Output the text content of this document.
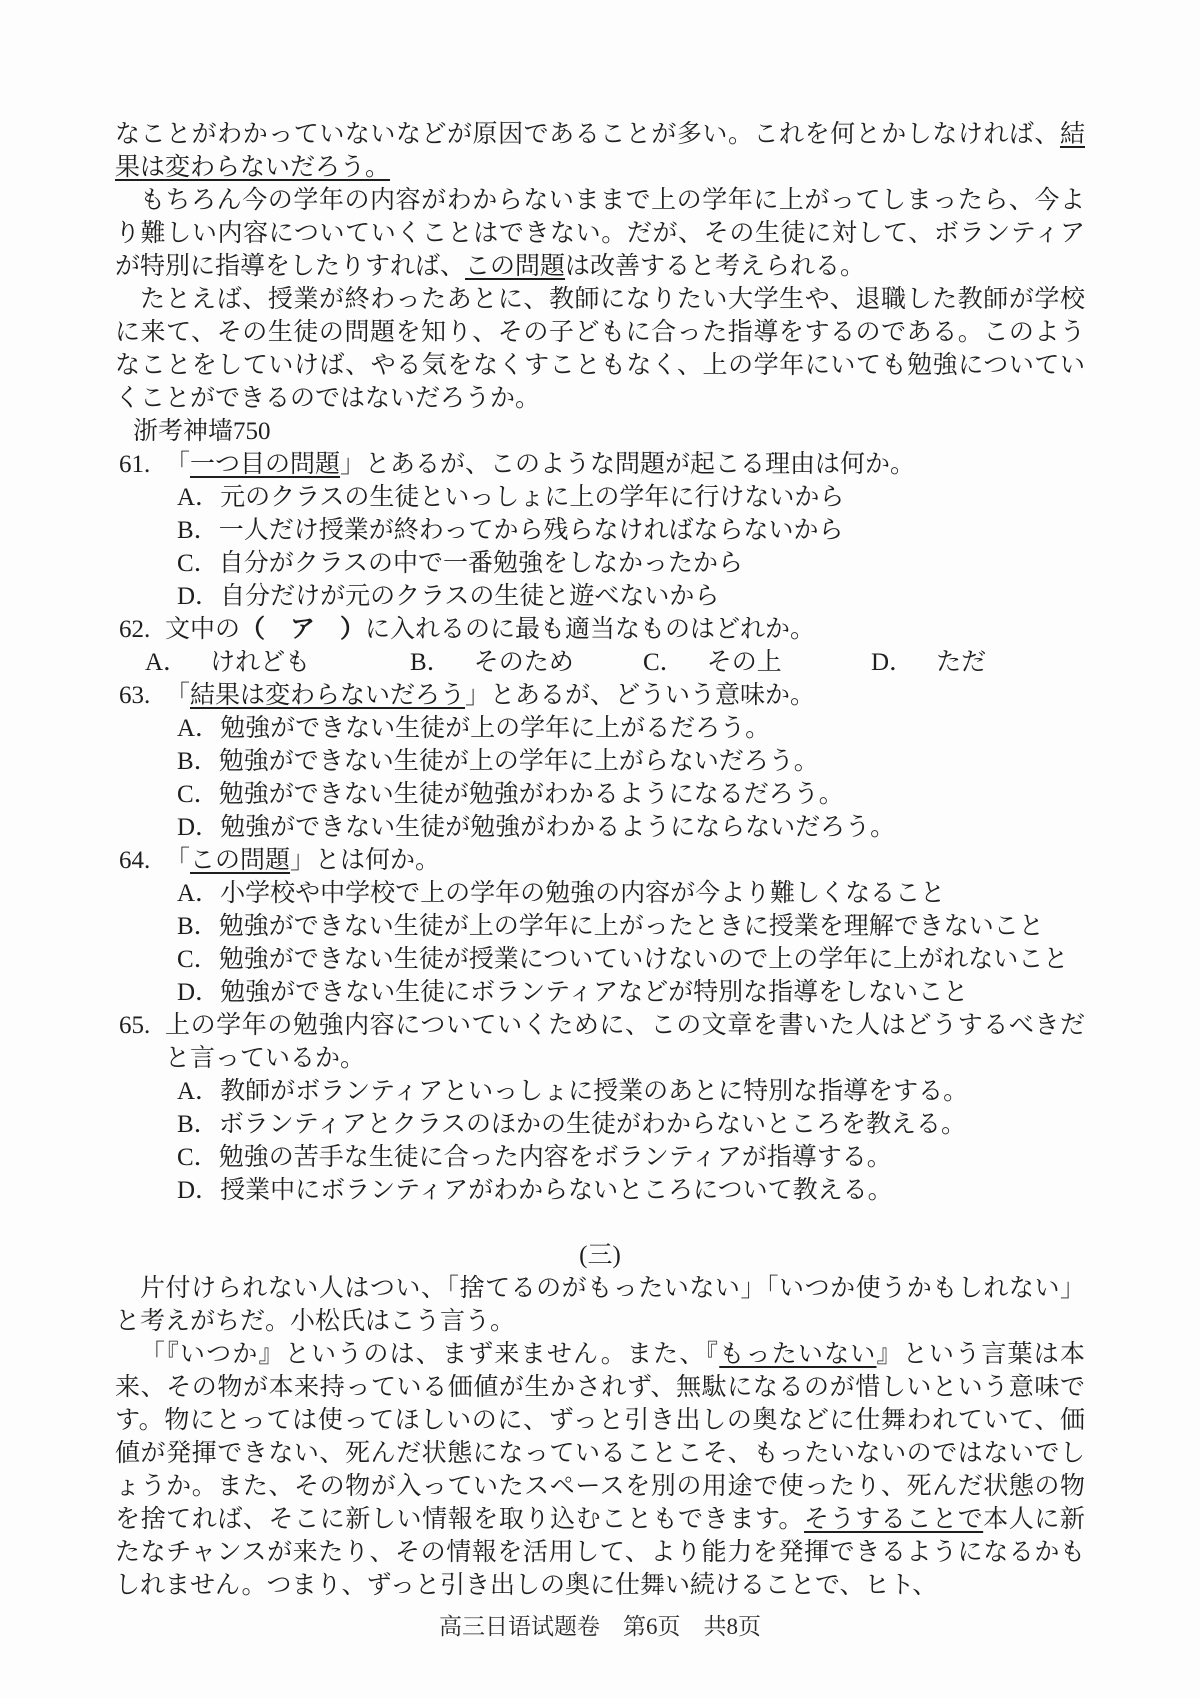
なことがわかっていないなどが原因であることが多い。これを何とかしなければ、結果は変わらないだろう。

もちろん今の学年の内容がわからないままで上の学年に上がってしまったら、今より難しい内容についていくことはできない。だが、その生徒に対して、ボランティアが特別に指導をしたりすれば、この問題は改善すると考えられる。

たとえば、授業が終わったあとに、教師になりたい大学生や、退職した教師が学校に来て、その生徒の問題を知り、その子どもに合った指導をするのである。このようなことをしていけば、やる気をなくすこともなく、上の学年にいても勉強についていくことができるのではないだろうか。

浙考神墙750
61. 「一つ目の問題」とあるが、このような問題が起こる理由は何か。
A． 元のクラスの生徒といっしょに上の学年に行けないから
B． 一人だけ授業が終わってから残らなければならないから
C． 自分がクラスの中で一番勉強をしなかったから
D． 自分だけが元のクラスの生徒と遊べないから
62. 文中の（　ア　）に入れるのに最も適当なものはどれか。
A． けれども	B． そのため	C． その上	D． ただ
63. 「結果は変わらないだろう」とあるが、どういう意味か。
A． 勉強ができない生徒が上の学年に上がるだろう。
B． 勉強ができない生徒が上の学年に上がらないだろう。
C． 勉強ができない生徒が勉強がわかるようになるだろう。
D． 勉強ができない生徒が勉強がわかるようにならないだろう。
64. 「この問題」とは何か。
A． 小学校や中学校で上の学年の勉強の内容が今より難しくなること
B． 勉強ができない生徒が上の学年に上がったときに授業を理解できないこと
C． 勉強ができない生徒が授業についていけないので上の学年に上がれないこと
D． 勉強ができない生徒にボランティアなどが特別な指導をしないこと
65. 上の学年の勉強内容についていくために、この文章を書いた人はどうするべきだと言っているか。
A． 教師がボランティアといっしょに授業のあとに特別な指導をする。
B． ボランティアとクラスのほかの生徒がわからないところを教える。
C． 勉強の苦手な生徒に合った内容をボランティアが指導する。
D． 授業中にボランティアがわからないところについて教える。
(三)

片付けられない人はつい、「捨てるのがもったいない」「いつか使うかもしれない」と考えがちだ。小松氏はこう言う。

「『いつか』というのは、まず来ません。また、『もったいない』という言葉は本来、その物が本来持っている価値が生かされず、無駄になるのが惜しいという意味です。物にとっては使ってほしいのに、ずっと引き出しの奥などに仕舞われていて、価値が発揮できない、死んだ状態になっていることこそ、もったいないのではないでしょうか。また、その物が入っていたスペースを別の用途で使ったり、死んだ状態の物を捨てれば、そこに新しい情報を取り込むこともできます。そうすることで本人に新たなチャンスが来たり、その情報を活用して、より能力を発揮できるようになるかもしれません。つまり、ずっと引き出しの奥に仕舞い続けることで、ヒト、

高三日语试题卷　第6页　共8页
